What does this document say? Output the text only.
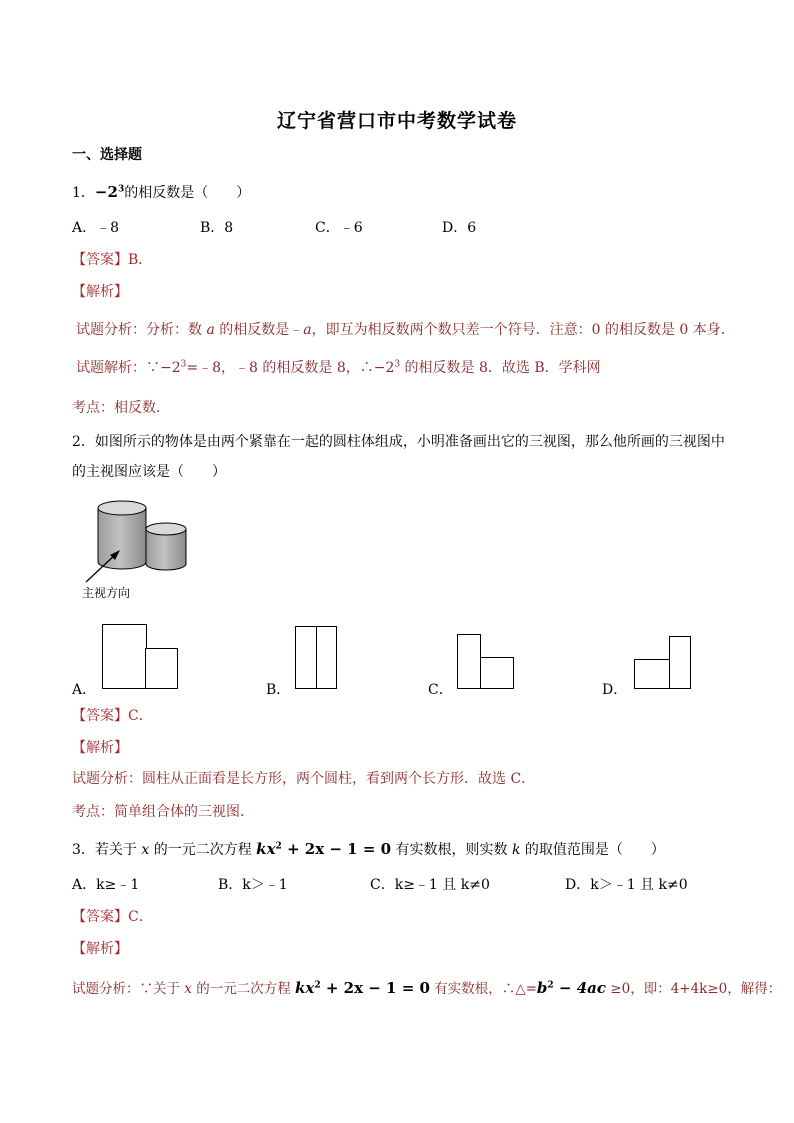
辽宁省营口市中考数学试卷
一、选择题
1．$-2^3$的相反数是（　　）
A．﹣8	B．8	C．﹣6	D．6
【答案】B．
【解析】
试题分析：分析：数 a 的相反数是﹣a，即互为相反数两个数只差一个符号．注意：0 的相反数是 0 本身．
试题解析：$\because-2^3=﹣8$，﹣8 的相反数是 8，$\therefore-2^3$ 的相反数是 8．故选 B．学科网
考点：相反数．
2．如图所示的物体是由两个紧靠在一起的圆柱体组成，小明准备画出它的三视图，那么他所画的三视图中
的主视图应该是（　　）
主视方向
A．	B．	C．	D．
【答案】C．
【解析】
试题分析：圆柱从正面看是长方形，两个圆柱，看到两个长方形．故选 C．
考点：简单组合体的三视图．
3．若关于 x 的一元二次方程 $kx^2 + 2x - 1 = 0$ 有实数根，则实数 k 的取值范围是（　　）
A．k≥﹣1	B．k＞﹣1	C．k≥﹣1 且 k≠0	D．k＞﹣1 且 k≠0
【答案】C．
【解析】
试题分析：∵关于 x 的一元二次方程 $kx^2 + 2x - 1 = 0$ 有实数根，$\therefore\triangle=b^2 - 4ac \ge 0$，即：4+4k≥0，解得：
